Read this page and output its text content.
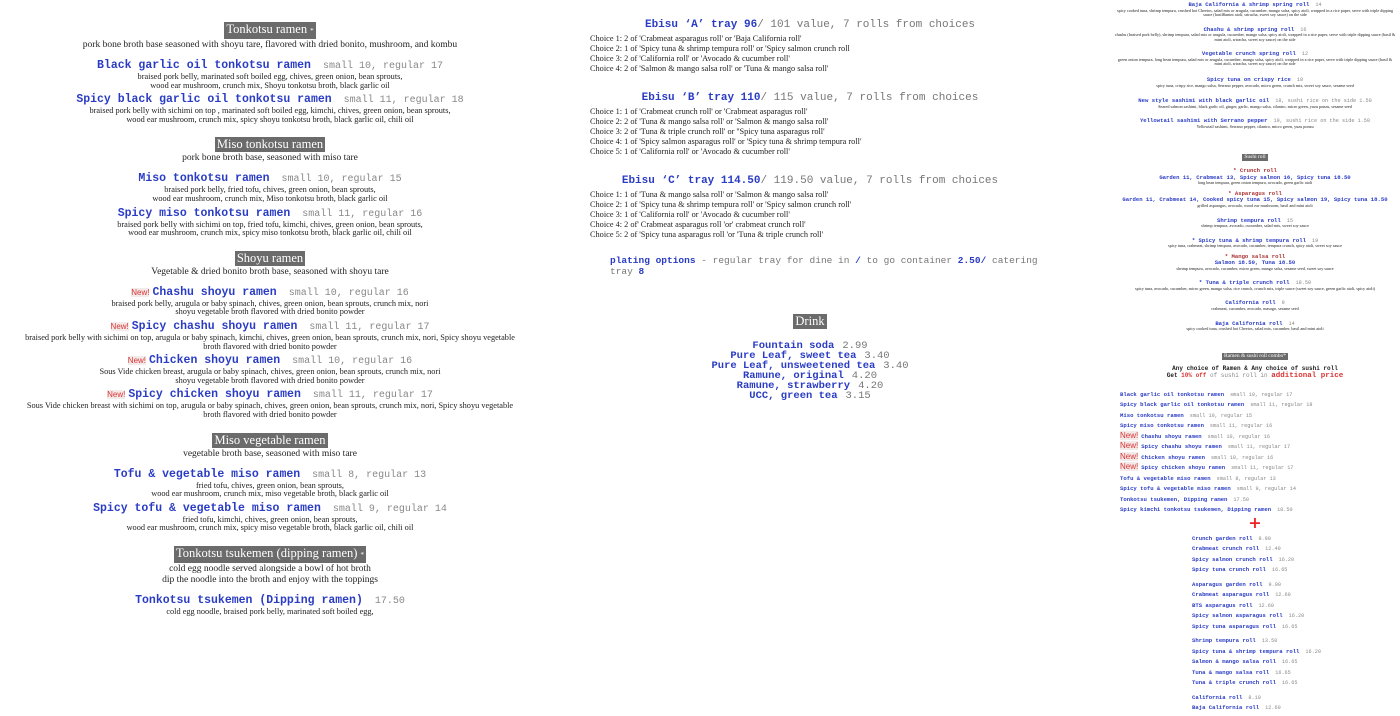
Tonkotsu ramen *
pork bone broth base seasoned with shoyu tare, flavored with dried bonito, mushroom, and kombu
Black garlic oil tonkotsu ramen small 10, regular 17
braised pork belly, marinated soft boiled egg, chives, green onion, bean sprouts,
wood ear mushroom, crunch mix, Shoyu tonkotsu broth, black garlic oil
Spicy black garlic oil tonkotsu ramen small 11, regular 18
braised pork belly with sichimi on top , marinated soft boiled egg, kimchi, chives, green onion, bean sprouts,
wood ear mushroom, crunch mix, spicy shoyu tonkotsu broth, black garlic oil, chili oil
Miso tonkotsu ramen
pork bone broth base, seasoned with miso tare
Miso tonkotsu ramen small 10, regular 15
braised pork belly, fried tofu, chives, green onion, bean sprouts,
wood ear mushroom, crunch mix, Miso tonkotsu broth, black garlic oil
Spicy miso tonkotsu ramen small 11, regular 16
braised pork belly with sichimi on top, fried tofu, kimchi, chives, green onion, bean sprouts,
wood ear mushroom, crunch mix, spicy miso tonkotsu broth, black garlic oil, chili oil
Shoyu ramen
Vegetable & dried bonito broth base, seasoned with shoyu tare
New! Chashu shoyu ramen small 10, regular 16
braised pork belly, arugula or baby spinach, chives, green onion, bean sprouts, crunch mix, nori
shoyu vegetable broth flavored with dried bonito powder
New! Spicy chashu shoyu ramen small 11, regular 17
braised pork belly with sichimi on top, arugula or baby spinach, kimchi, chives, green onion, bean sprouts, crunch mix, nori, Spicy shoyu vegetable broth flavored with dried bonito powder
New! Chicken shoyu ramen small 10, regular 16
Sous Vide chicken breast, arugula or baby spinach, chives, green onion, bean sprouts, crunch mix, nori
shoyu vegetable broth flavored with dried bonito powder
New! Spicy chicken shoyu ramen small 11, regular 17
Sous Vide chicken breast with sichimi on top, arugula or baby spinach, chives, green onion, bean sprouts, crunch mix, nori, Spicy shoyu vegetable broth flavored with dried bonito powder
Miso vegetable ramen
vegetable broth base, seasoned with miso tare
Tofu & vegetable miso ramen small 8, regular 13
fried tofu, chives, green onion, bean sprouts,
wood ear mushroom, crunch mix, miso vegetable broth, black garlic oil
Spicy tofu & vegetable miso ramen small 9, regular 14
fried tofu, kimchi, chives, green onion, bean sprouts,
wood ear mushroom, crunch mix, spicy miso vegetable broth, black garlic oil, chili oil
Tonkotsu tsukemen (dipping ramen) *
cold egg noodle served alongside a bowl of hot broth
dip the noodle into the broth and enjoy with the toppings
Tonkotsu tsukemen (Dipping ramen) 17.50
cold egg noodle, braised pork belly, marinated soft boiled egg,
Ebisu ‘A’ tray 96/ 101 value, 7 rolls from choices
Choice 1: 2 of 'Crabmeat asparagus roll' or 'Baja California roll'
Choice 2: 1 of 'Spicy tuna & shrimp tempura roll' or 'Spicy salmon crunch roll
Choice 3: 2 of 'California roll' or 'Avocado & cucumber roll'
Choice 4: 2 of 'Salmon & mango salsa roll' or 'Tuna & mango salsa roll'
Ebisu ‘B’ tray 110/ 115 value, 7 rolls from choices
Choice 1: 1 of 'Crabmeat crunch roll' or 'Crabmeat asparagus roll'
Choice 2: 2 of 'Tuna & mango salsa roll' or 'Salmon & mango salsa roll'
Choice 3: 2 of 'Tuna & triple crunch roll' or ''Spicy tuna asparagus roll'
Choice 4: 1 of 'Spicy salmon asparagus roll' or 'Spicy tuna & shrimp tempura roll'
Choice 5: 1 of 'California roll' or 'Avocado & cucumber roll'
Ebisu ‘C’ tray 114.50/ 119.50 value, 7 rolls from choices
Choice 1: 1 of 'Tuna & mango salsa roll' or 'Salmon & mango salsa roll'
Choice 2: 1 of 'Spicy tuna & shrimp tempura roll' or 'Spicy salmon crunch roll'
Choice 3: 1 of 'California roll' or 'Avocado & cucumber roll'
Choice 4: 2 of' Crabmeat asparagus roll 'or' crabmeat crunch roll'
Choice 5: 2 of 'Spicy tuna asparagus roll 'or 'Tuna & triple crunch roll'
plating options - regular tray for dine in / to go container 2.50/ catering tray 8
Drink
Fountain soda 2.99
Pure Leaf, sweet tea 3.40
Pure Leaf, unsweetened tea 3.40
Ramune, original 4.20
Ramune, strawberry 4.20
UCC, green tea 3.15
Baja California & shrimp spring roll 14
spicy cooked tuna, shrimp tempura, crushed hot Cheetos, salad mix or arugula, cucumber, mango salsa, spicy aioli, wrapped in a rice paper, serve with triple dipping sauce (basil&mint aioli, sriracha, sweet soy sauce) on the side
Chashu & shrimp spring roll 16
chashu (braised pork belly), shrimp tempura, salad mix or arugula, cucumber, mango salsa, spicy aioli, wrapped in a rice paper, serve with triple dipping sauce (basil & mint aioli, sriracha, sweet soy sauce) on the side
Vegetable crunch spring roll 12
green onion tempura, long bean tempura, salad mix or arugula, cucumber, mango salsa, spicy aioli, wrapped in a rice paper, serve with triple dipping sauce (basil & mint aioli, sriracha, sweet soy sauce) on the side
Spicy tuna on crispy rice 18
spicy tuna, crispy rice, mango salsa, Serrano pepper, avocado, micro green, crunch mix, sweet soy sauce, sesame seed
New style sashimi with black garlic oil 18, sushi rice on the side 1.50
Seared salmon sashimi, black garlic oil, ginger, garlic, mango salsa, cilantro, micro green, yuzu ponzu, sesame seed
Yellowtail sashimi with Serrano pepper 19, sushi rice on the side 1.50
Yellowtail sashimi, Serrano pepper, cilantro, micro green, yuzu ponzu
Sushi roll
* Crunch roll
Garden 11, Crabmeat 13, Spicy salmon 16, Spicy tuna 18.50
long bean tempura, green onion tempura, avocado, green garlic aioli
* Asparagus roll
Garden 11, Crabmeat 14, Cooked spicy tuna 15, Spicy salmon 19, Spicy tuna 18.50
grilled asparagus, avocado, wood ear mushroom, basil and mint aioli
Shrimp tempura roll 15
shrimp tempura, avocado, cucumber, salad mix, sweet soy sauce
* Spicy tuna & shrimp tempura roll 19
spicy tuna, crabmeat, shrimp tempura, avocado, cucumber, tempura crunch, spicy aioli, sweet soy sauce
* Mango salsa roll
Salmon 18.50, Tuna 18.50
shrimp tempura, avocado, cucumber, micro green, mango salsa, sesame seed, sweet soy sauce
* Tuna & triple crunch roll 18.50
spicy tuna, avocado, cucumber, micro green, mango salsa, rice crunch, crunch mix, triple sauce (sweet soy sauce, green garlic aioli, spicy aioli)
California roll 9
crabmeat, cucumber, avocado, masago, sesame seed
Baja California roll 14
spicy cooked tuna, crushed hot Cheetos, salad mix, cucumber, basil and mint aioli
Ramen & sushi roll combo*
Any choice of Ramen & Any choice of sushi roll
Get 10% off of sushi roll in additional price
Black garlic oil tonkotsu ramen small 10, regular 17
Spicy black garlic oil tonkotsu ramen small 11, regular 18
Miso tonkotsu ramen small 10, regular 15
Spicy miso tonkotsu ramen small 11, regular 16
New! Chashu shoyu ramen small 10, regular 16
New! Spicy chashu shoyu ramen small 11, regular 17
New! Chicken shoyu ramen small 10, regular 16
New! Spicy chicken shoyu ramen small 11, regular 17
Tofu & vegetable miso ramen small 8, regular 13
Spicy tofu & vegetable miso ramen small 9, regular 14
Tonkotsu tsukemen, Dipping ramen 17.50
Spicy kimchi tonkotsu tsukemen, Dipping ramen 18.50
+
Crunch garden roll 9.90
Crabmeat crunch roll 12.40
Spicy salmon crunch roll 16.20
Spicy tuna crunch roll 16.65
Asparagus garden roll 9.90
Crabmeat asparagus roll 12.60
BTS asparagus roll 12.60
Spicy salmon asparagus roll 16.20
Spicy tuna asparagus roll 16.65
Shrimp tempura roll 13.50
Spicy tuna & shrimp tempura roll 16.20
Salmon & mango salsa roll 16.65
Tuna & mango salsa roll 16.65
Tuna & triple crunch roll 16.65
California roll 8.10
Baja California roll 12.60
